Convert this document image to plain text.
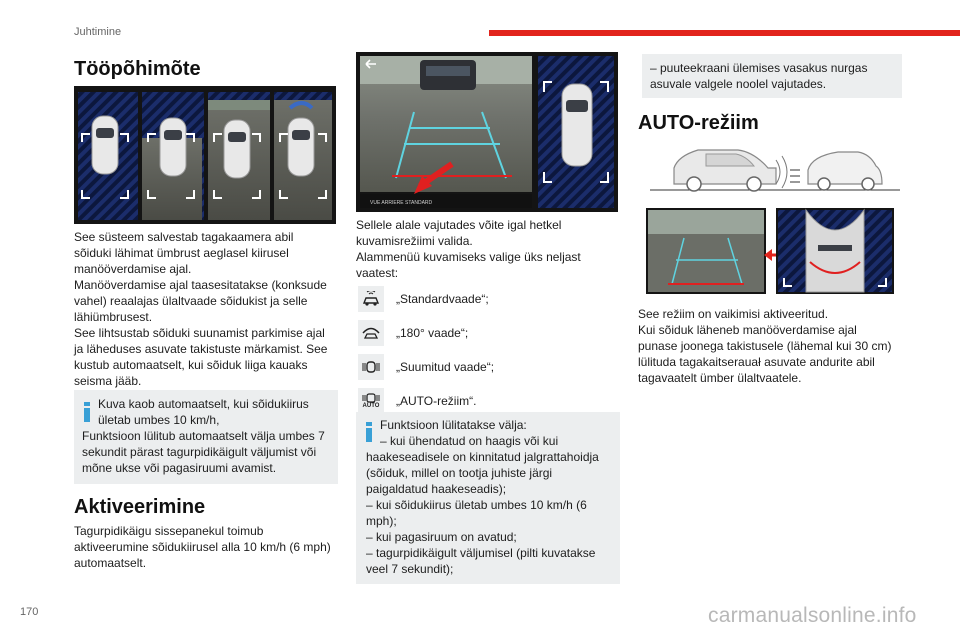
Juhtimine
Tööpõhimõte

See süsteem salvestab tagakaamera abil

sõiduki lähimat ümbrust aeglasel kiirusel

manööverdamise ajal.

Manööverdamise ajal taasesitatakse (konksude

vahel) reaalajas ülaltvaade sõidukist ja selle

lähiümbrusest.

See lihtsustab sõiduki suunamist parkimise ajal

ja läheduses asuvate takistuste märkamist. See

kustub automaatselt, kui sõiduk liiga kauaks

seisma jääb.

Kuva kaob automaatselt, kui sõidukiirus
ületab umbes 10 km/h,
Funktsioon lülitub automaatselt välja umbes 7
sekundit pärast tagurpidikäigult väljumist või
mõne ukse või pagasiruumi avamist.
Aktiveerimine

Tagurpidikäigu sissepanekul toimub

aktiveerumine sõidukiirusel alla 10 km/h (6 mph)

automaatselt.

VUE ARRIERE STANDARD

Sellele alale vajutades võite igal hetkel

kuvamisrežiimi valida.

Alammenüü kuvamiseks valige üks neljast

vaatest:

„Standardvaade“;
„180° vaade“;
„Suumitud vaade“;
AUTO „AUTO-režiim“.
Funktsioon lülitatakse välja:
– kui ühendatud on haagis või kui
haakeseadisele on kinnitatud jalgrattahoidja
(sõiduk, millel on tootja juhiste järgi
paigaldatud haakeseadis);
– kui sõidukiirus ületab umbes 10 km/h (6
mph);
– kui pagasiruum on avatud;
– tagurpidikäigult väljumisel (pilti kuvatakse
veel 7 sekundit);
– puuteekraani ülemises vasakus nurgas
asuvale valgele noolel vajutades.
AUTO-režiim

See režiim on vaikimisi aktiveeritud.

Kui sõiduk läheneb manööverdamise ajal

punase joonega takistusele (lähemal kui 30 cm)

lülituda tagakaitserauał asuvate andurite abil

tagavaatelt ümber ülaltvaatele.

170	carmanualsonline.info
